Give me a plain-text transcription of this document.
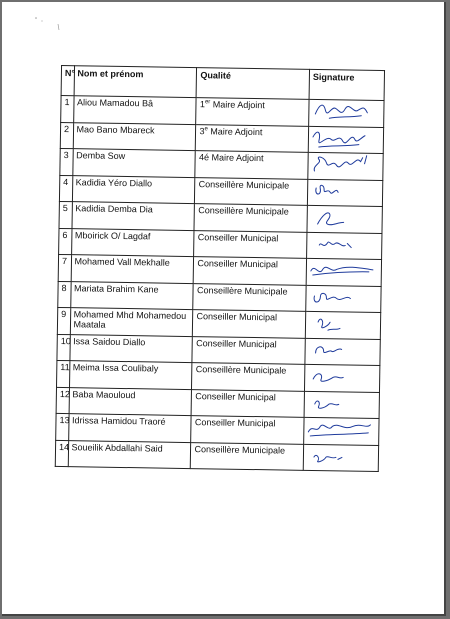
N°	Nom et prénom	Qualité	Signature
1	Aliou Mamadou Bâ	1er Maire Adjoint	

2	Mao Bano Mbareck	3e Maire Adjoint	

3	Demba Sow	4é Maire Adjoint	

4	Kadidia Yéro Diallo	Conseillère Municipale	

5	Kadidia Demba Dia	Conseillère Municipale	

6	Mboirick O/ Lagdaf	Conseiller Municipal	

7	Mohamed Vall Mekhalle	Conseiller Municipal	

8	Mariata Brahim Kane	Conseillère Municipale	

9	Mohamed Mhd Mohamedou Maatala	Conseiller Municipal	

10	Issa Saidou Diallo	Conseiller Municipal	

11	Meima Issa Coulibaly	Conseillère Municipale	

12	Baba Maouloud	Conseiller Municipal	

13	Idrissa Hamidou Traoré	Conseiller Municipal	

14	Soueilik Abdallahi Said	Conseillère Municipale	
